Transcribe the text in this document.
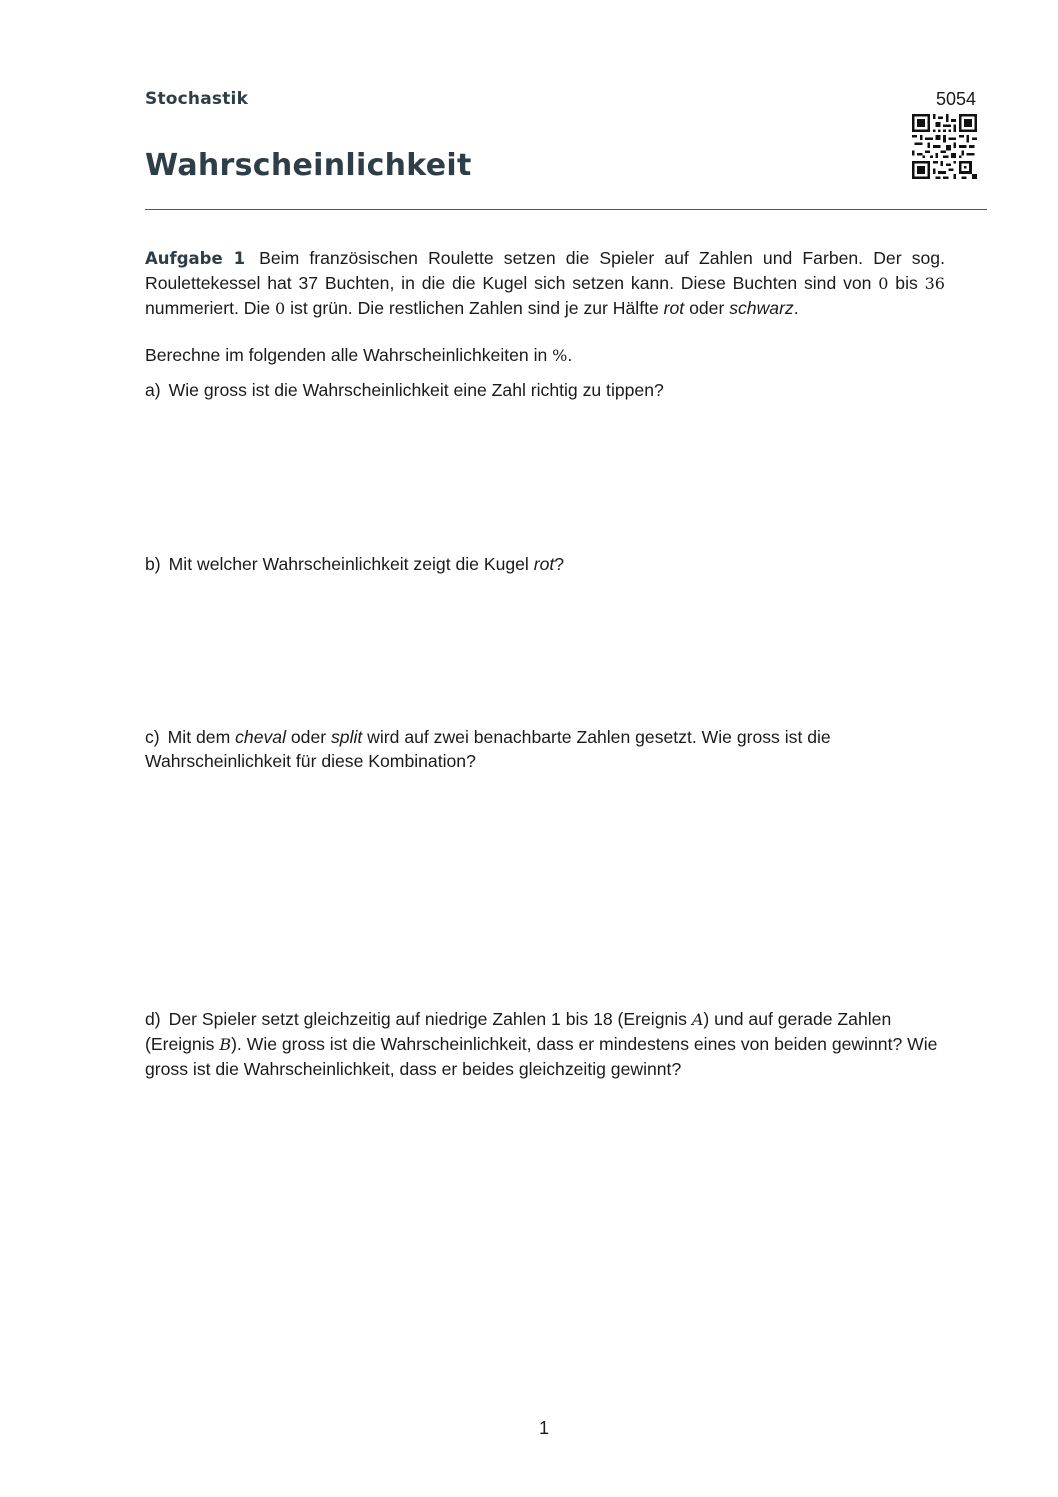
Stochastik
Wahrscheinlichkeit
5054
Aufgabe 1 Beim französischen Roulette setzen die Spieler auf Zahlen und Farben. Der sog. Roulettekessel hat 37 Buchten, in die die Kugel sich setzen kann. Diese Buchten sind von 0 bis 36 nummeriert. Die 0 ist grün. Die restlichen Zahlen sind je zur Hälfte rot oder schwarz.
Berechne im folgenden alle Wahrscheinlichkeiten in %.
a) Wie gross ist die Wahrscheinlichkeit eine Zahl richtig zu tippen?
b) Mit welcher Wahrscheinlichkeit zeigt die Kugel rot?
c) Mit dem cheval oder split wird auf zwei benachbarte Zahlen gesetzt. Wie gross ist die Wahrscheinlichkeit für diese Kombination?
d) Der Spieler setzt gleichzeitig auf niedrige Zahlen 1 bis 18 (Ereignis A) und auf gerade Zahlen (Ereignis B). Wie gross ist die Wahrscheinlichkeit, dass er mindestens eines von beiden gewinnt? Wie gross ist die Wahrscheinlichkeit, dass er beides gleichzeitig gewinnt?
1
